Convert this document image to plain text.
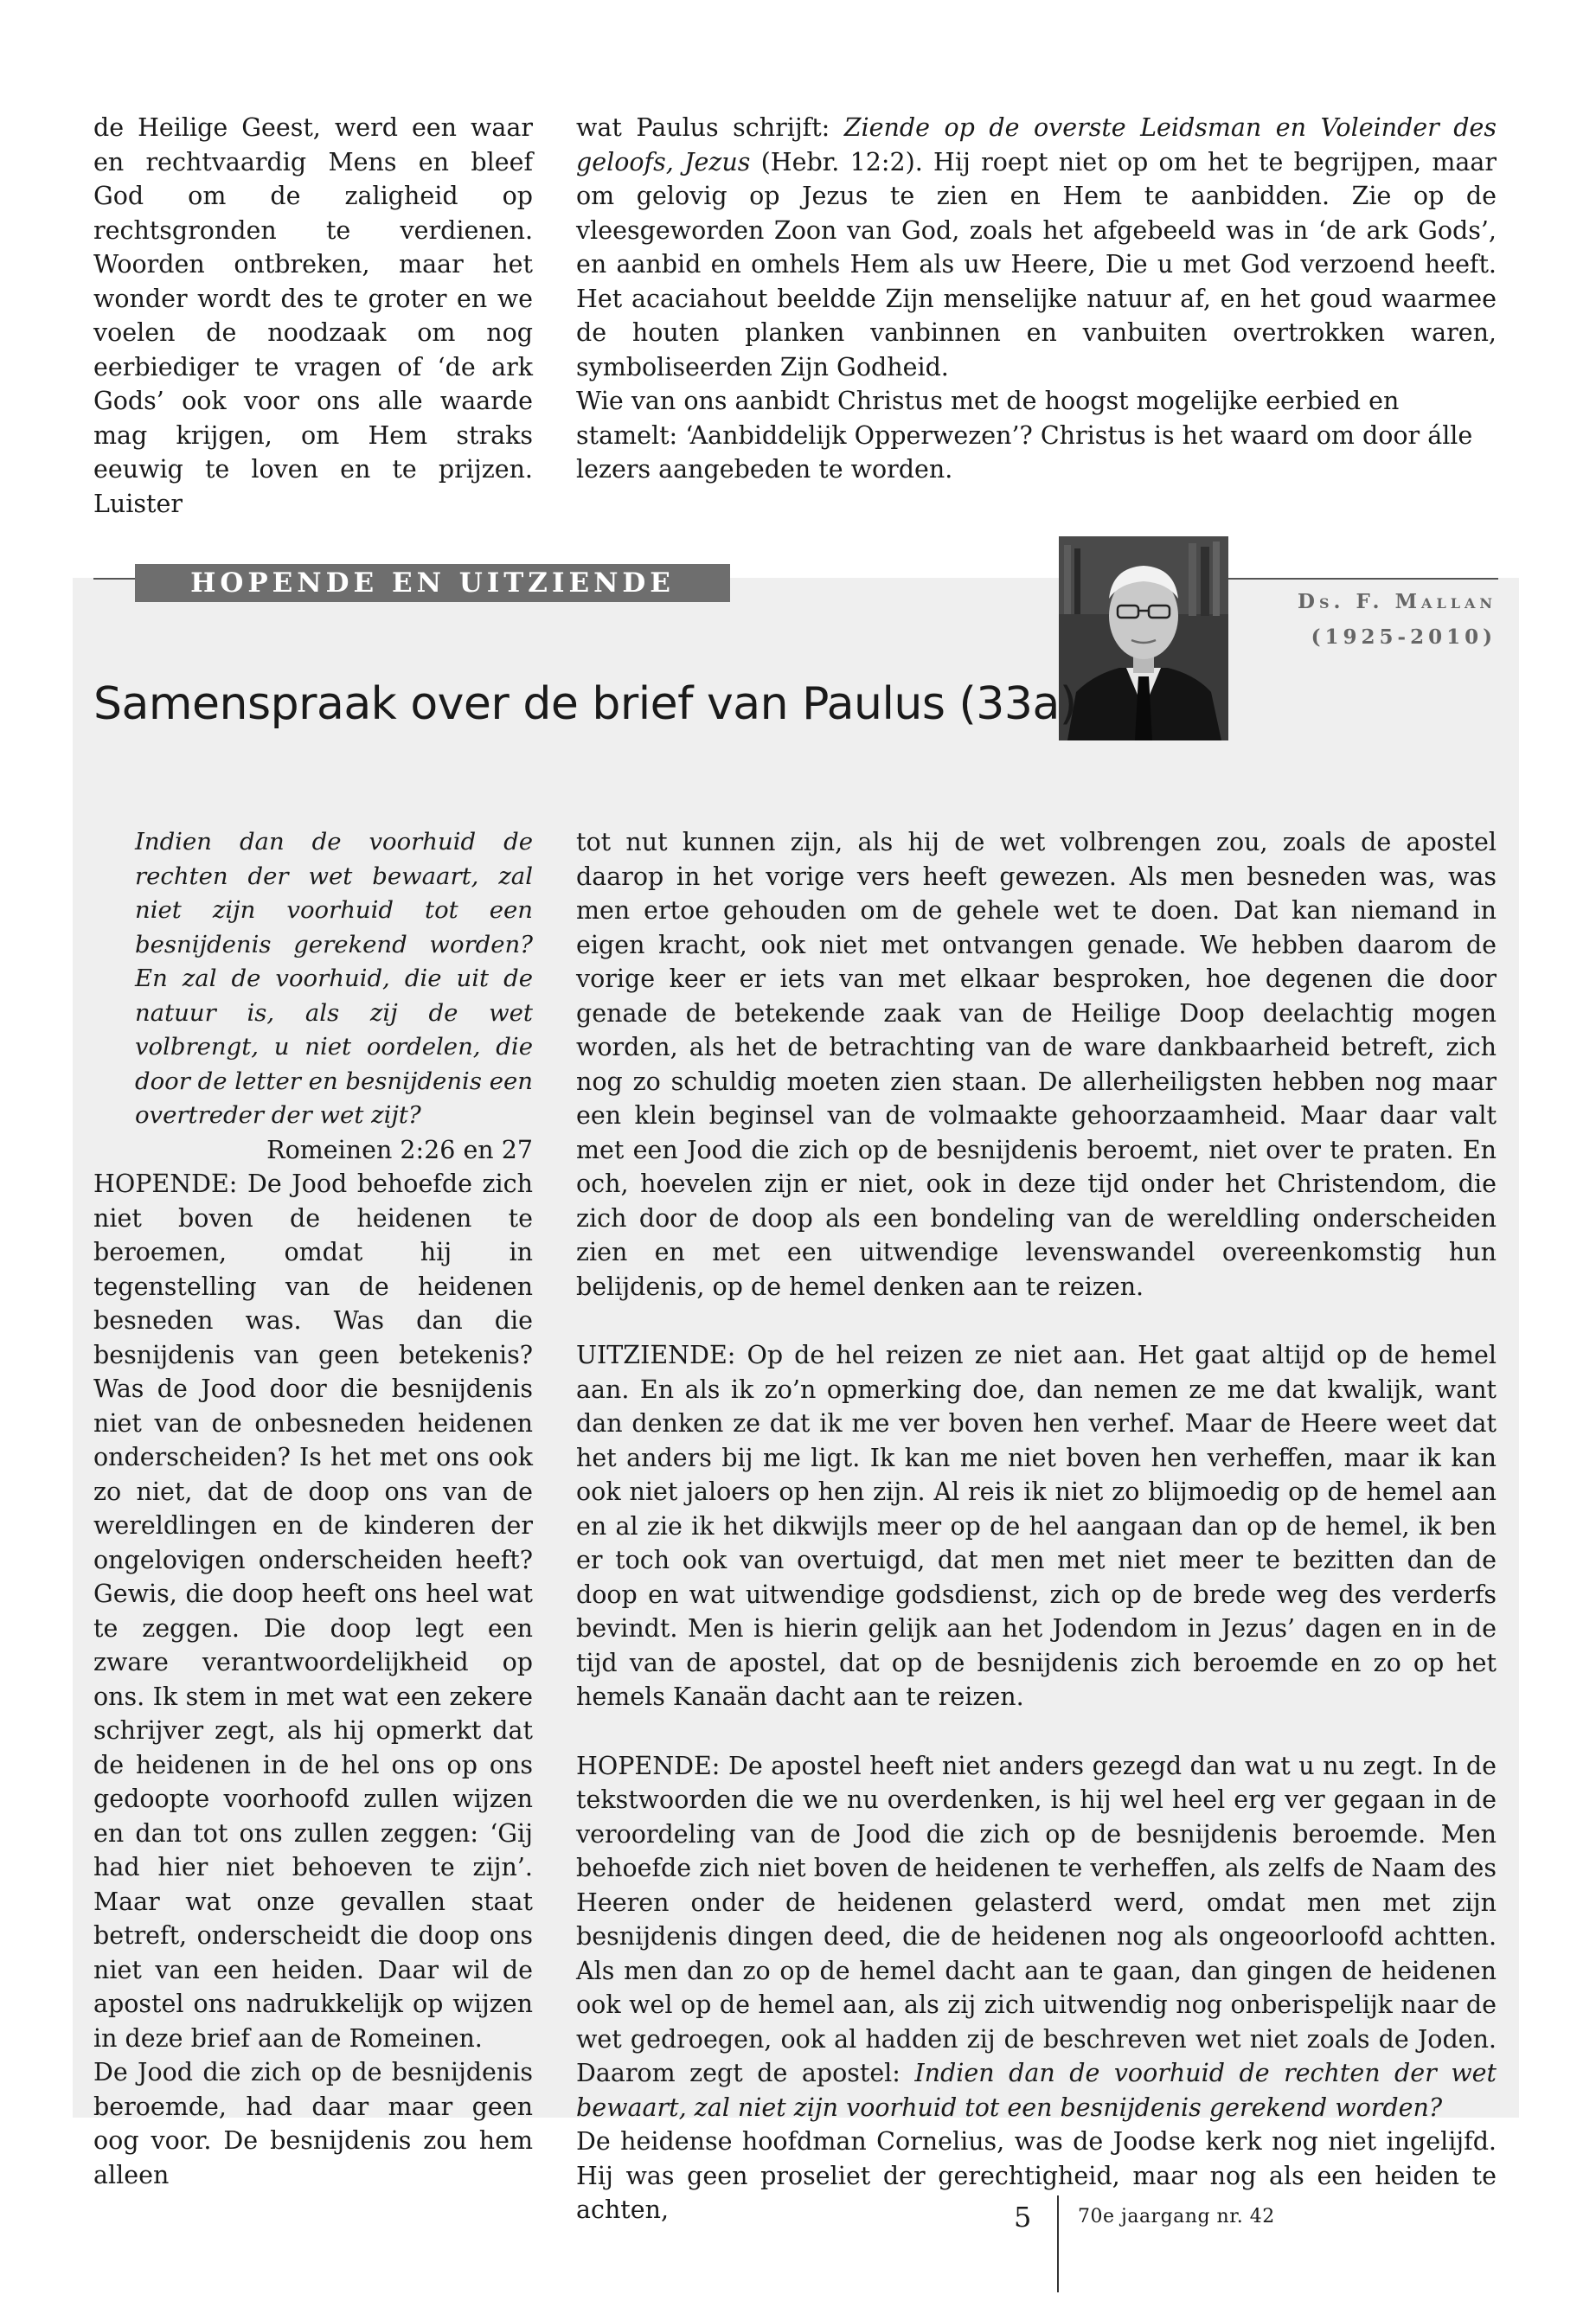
de Heilige Geest, werd een waar en rechtvaardig Mens en bleef God om de zaligheid op rechtsgronden te verdienen. Woorden ontbreken, maar het wonder wordt des te groter en we voelen de noodzaak om nog eerbiediger te vragen of ‘de ark Gods’ ook voor ons alle waarde mag krijgen, om Hem straks eeuwig te loven en te prijzen. Luister

wat Paulus schrijft: Ziende op de overste Leidsman en Voleinder des geloofs, Jezus (Hebr. 12:2). Hij roept niet op om het te begrijpen, maar om gelovig op Jezus te zien en Hem te aanbidden. Zie op de vleesgeworden Zoon van God, zoals het afgebeeld was in ‘de ark Gods’, en aanbid en omhels Hem als uw Heere, Die u met God verzoend heeft. Het acaciahout beeldde Zijn menselijke natuur af, en het goud waarmee de houten planken vanbinnen en vanbuiten overtrokken waren, symboliseerden Zijn Godheid.

Wie van ons aanbidt Christus met de hoogst mogelijke eerbied en stamelt: ‘Aanbiddelijk Opperwezen’? Christus is het waard om door álle lezers aangebeden te worden.

HOPENDE EN UITZIENDE
Ds. F. Mallan
(1925-2010)
Samenspraak over de brief van Paulus (33a)

Indien dan de voorhuid de rechten der wet bewaart, zal niet zijn voorhuid tot een besnijdenis gerekend worden? En zal de voorhuid, die uit de natuur is, als zij de wet volbrengt, u niet oordelen, die door de letter en besnijdenis een overtreder der wet zijt?

Romeinen 2:26 en 27

HOPENDE: De Jood behoefde zich niet boven de heidenen te beroemen, omdat hij in tegenstelling van de heidenen besneden was. Was dan die besnijdenis van geen betekenis? Was de Jood door die besnijdenis niet van de onbesneden heidenen onderscheiden? Is het met ons ook zo niet, dat de doop ons van de wereldlingen en de kinderen der ongelovigen onderscheiden heeft? Gewis, die doop heeft ons heel wat te zeggen. Die doop legt een zware verantwoordelijkheid op ons. Ik stem in met wat een zekere schrijver zegt, als hij opmerkt dat de heidenen in de hel ons op ons gedoopte voorhoofd zullen wijzen en dan tot ons zullen zeggen: ‘Gij had hier niet behoeven te zijn’. Maar wat onze gevallen staat betreft, onderscheidt die doop ons niet van een heiden. Daar wil de apostel ons nadrukkelijk op wijzen in deze brief aan de Romeinen.

De Jood die zich op de besnijdenis beroemde, had daar maar geen oog voor. De besnijdenis zou hem alleen

tot nut kunnen zijn, als hij de wet volbrengen zou, zoals de apostel daarop in het vorige vers heeft gewezen. Als men besneden was, was men ertoe gehouden om de gehele wet te doen. Dat kan niemand in eigen kracht, ook niet met ontvangen genade. We hebben daarom de vorige keer er iets van met elkaar besproken, hoe degenen die door genade de betekende zaak van de Heilige Doop deelachtig mogen worden, als het de betrachting van de ware dankbaarheid betreft, zich nog zo schuldig moeten zien staan. De allerheiligsten hebben nog maar een klein beginsel van de volmaakte gehoorzaamheid. Maar daar valt met een Jood die zich op de besnijdenis beroemt, niet over te praten. En och, hoevelen zijn er niet, ook in deze tijd onder het Christendom, die zich door de doop als een bondeling van de wereldling onderscheiden zien en met een uitwendige levenswandel overeenkomstig hun belijdenis, op de hemel denken aan te reizen.

UITZIENDE: Op de hel reizen ze niet aan. Het gaat altijd op de hemel aan. En als ik zo’n opmerking doe, dan nemen ze me dat kwalijk, want dan denken ze dat ik me ver boven hen verhef. Maar de Heere weet dat het anders bij me ligt. Ik kan me niet boven hen verheffen, maar ik kan ook niet jaloers op hen zijn. Al reis ik niet zo blijmoedig op de hemel aan en al zie ik het dikwijls meer op de hel aangaan dan op de hemel, ik ben er toch ook van overtuigd, dat men met niet meer te bezitten dan de doop en wat uitwendige godsdienst, zich op de brede weg des verderfs bevindt. Men is hierin gelijk aan het Jodendom in Jezus’ dagen en in de tijd van de apostel, dat op de besnijdenis zich beroemde en zo op het hemels Kanaän dacht aan te reizen.

HOPENDE: De apostel heeft niet anders gezegd dan wat u nu zegt. In de tekstwoorden die we nu overdenken, is hij wel heel erg ver gegaan in de veroordeling van de Jood die zich op de besnijdenis beroemde. Men behoefde zich niet boven de heidenen te verheffen, als zelfs de Naam des Heeren onder de heidenen gelasterd werd, omdat men met zijn besnijdenis dingen deed, die de heidenen nog als ongeoorloofd achtten. Als men dan zo op de hemel dacht aan te gaan, dan gingen de heidenen ook wel op de hemel aan, als zij zich uitwendig nog onberispelijk naar de wet gedroegen, ook al hadden zij de beschreven wet niet zoals de Joden. Daarom zegt de apostel: Indien dan de voorhuid de rechten der wet bewaart, zal niet zijn voorhuid tot een besnijdenis gerekend worden?

De heidense hoofdman Cornelius, was de Joodse kerk nog niet ingelijfd. Hij was geen proseliet der gerechtigheid, maar nog als een heiden te achten,	5 70e jaargang nr. 42
